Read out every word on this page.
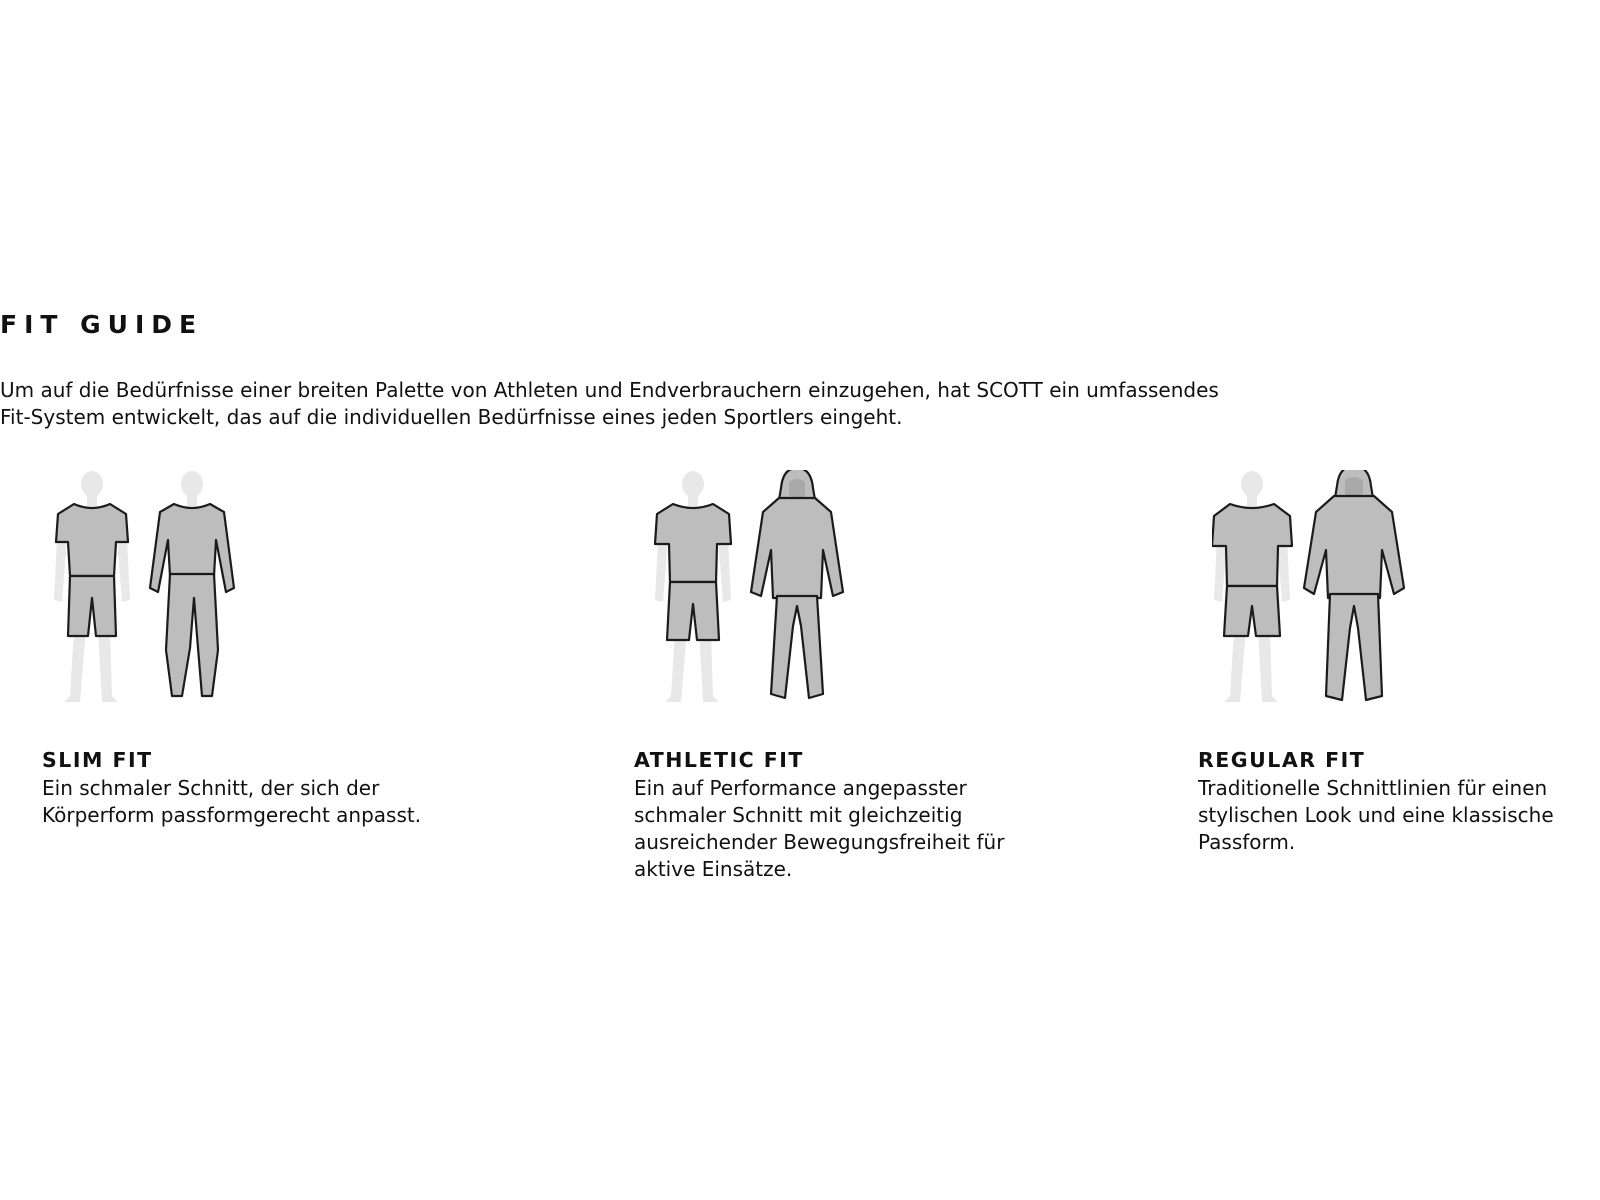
FIT GUIDE

Um auf die Bedürfnisse einer breiten Palette von Athleten und Endverbrauchern einzugehen, hat SCOTT ein umfassendes
Fit-System entwickelt, das auf die individuellen Bedürfnisse eines jeden Sportlers eingeht.

SLIM FIT
Ein schmaler Schnitt, der sich der
Körperform passformgerecht anpasst.
ATHLETIC FIT
Ein auf Performance angepasster
schmaler Schnitt mit gleichzeitig
ausreichender Bewegungsfreiheit für
aktive Einsätze.
REGULAR FIT
Traditionelle Schnittlinien für einen
stylischen Look und eine klassische
Passform.
